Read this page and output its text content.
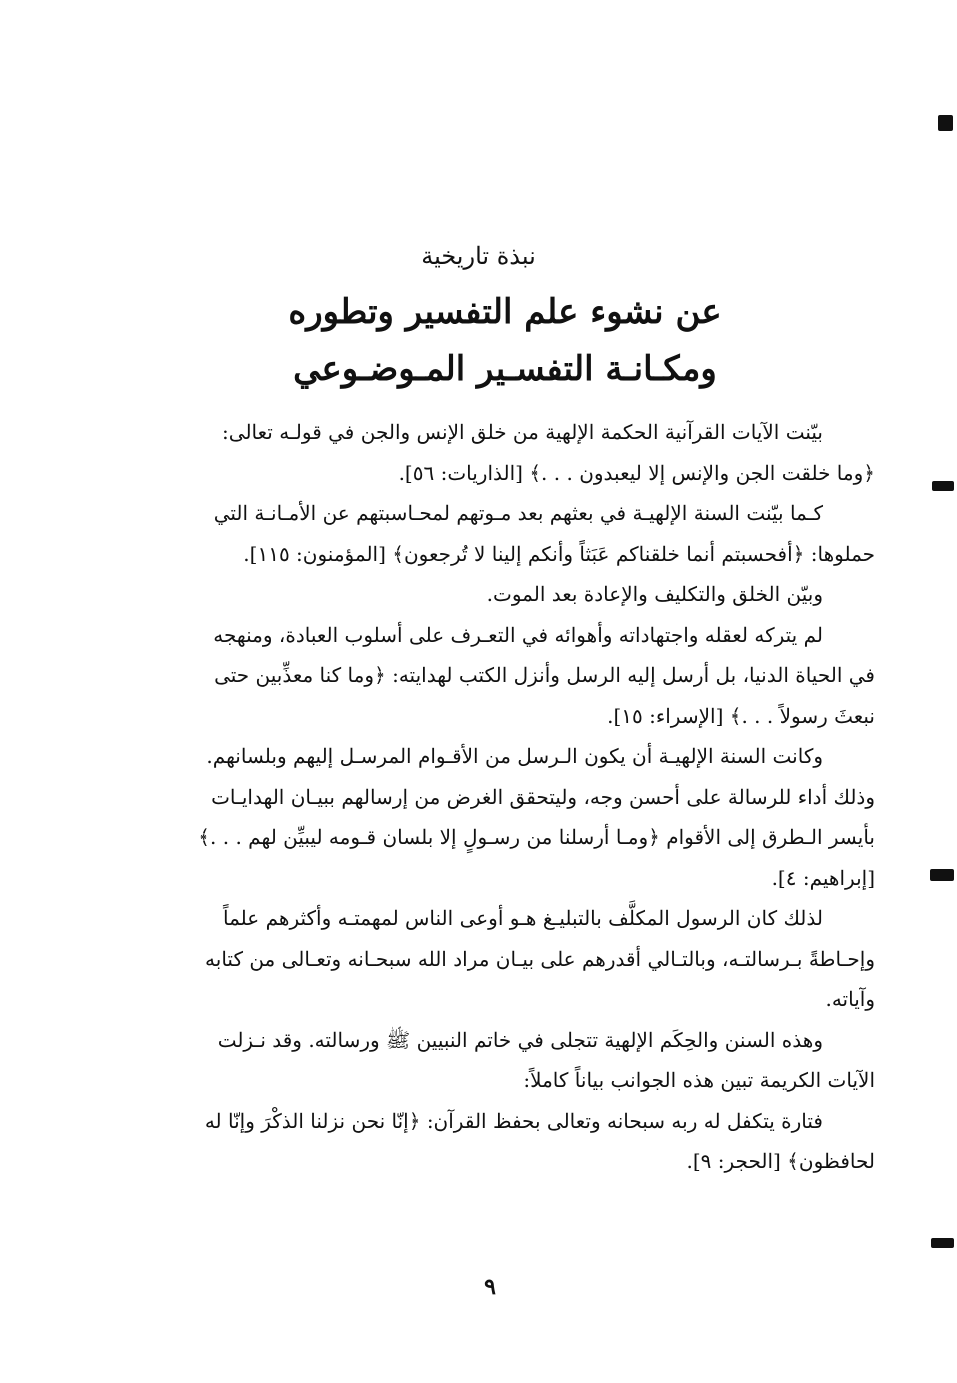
نبذة تاريخية
عن نشوء علم التفسير وتطوره
ومكـانـة التفسـير المـوضـوعي
بيّنت الآيات القرآنية الحكمة الإلهية من خلق الإنس والجن في قولـه تعالى:
﴿وما خلقت الجن والإنس إلا ليعبدون . . .﴾ [الذاريات: ٥٦].
كـما بيّنت السنة الإلهيـة في بعثهم بعد مـوتهم لمحـاسبتهم عن الأمـانـة التي
حملوها: ﴿أفحسبتم أنما خلقناكم عَبَثاً وأنكم إلينا لا تُرجعون﴾ [المؤمنون: ١١٥].
وبيّن الخلق والتكليف والإعادة بعد الموت.
لم يتركه لعقله واجتهاداته وأهوائه في التعـرف على أسلوب العبادة، ومنهجه
في الحياة الدنيا، بل أرسل إليه الرسل وأنزل الكتب لهدايته: ﴿وما كنا معذِّبين حتى
نبعثَ رسولاً . . .﴾ [الإسراء: ١٥].
وكانت السنة الإلهيـة أن يكون الـرسل من الأقـوام المرسـل إليهم وبلسانهم.
وذلك أداء للرسالة على أحسن وجه، وليتحقق الغرض من إرسالهم ببيـان الهدايـات
بأيسر الـطرق إلى الأقوام ﴿ومـا أرسلنا من رسـولٍ إلا بلسان قـومه ليبيِّن لهم . . .﴾
[إبراهيم: ٤].
لذلك كان الرسول المكلَّف بالتبليـغ هـو أوعى الناس لمهمتـه وأكثرهم علماً
وإحـاطةً بـرسالتـه، وبالتـالي أقدرهم على بيـان مراد الله سبحـانه وتعـالى من كتابه
وآياته.
وهذه السنن والحِكَم الإلهية تتجلى في خاتم النبيين ﷺ ورسالته. وقد نـزلت
الآيات الكريمة تبين هذه الجوانب بياناً كاملاً:
فتارة يتكفل له ربه سبحانه وتعالى بحفظ القرآن: ﴿إنّا نحن نزلنا الذكْرَ وإنّا له
لحافظون﴾ [الحجر: ٩].
٩
